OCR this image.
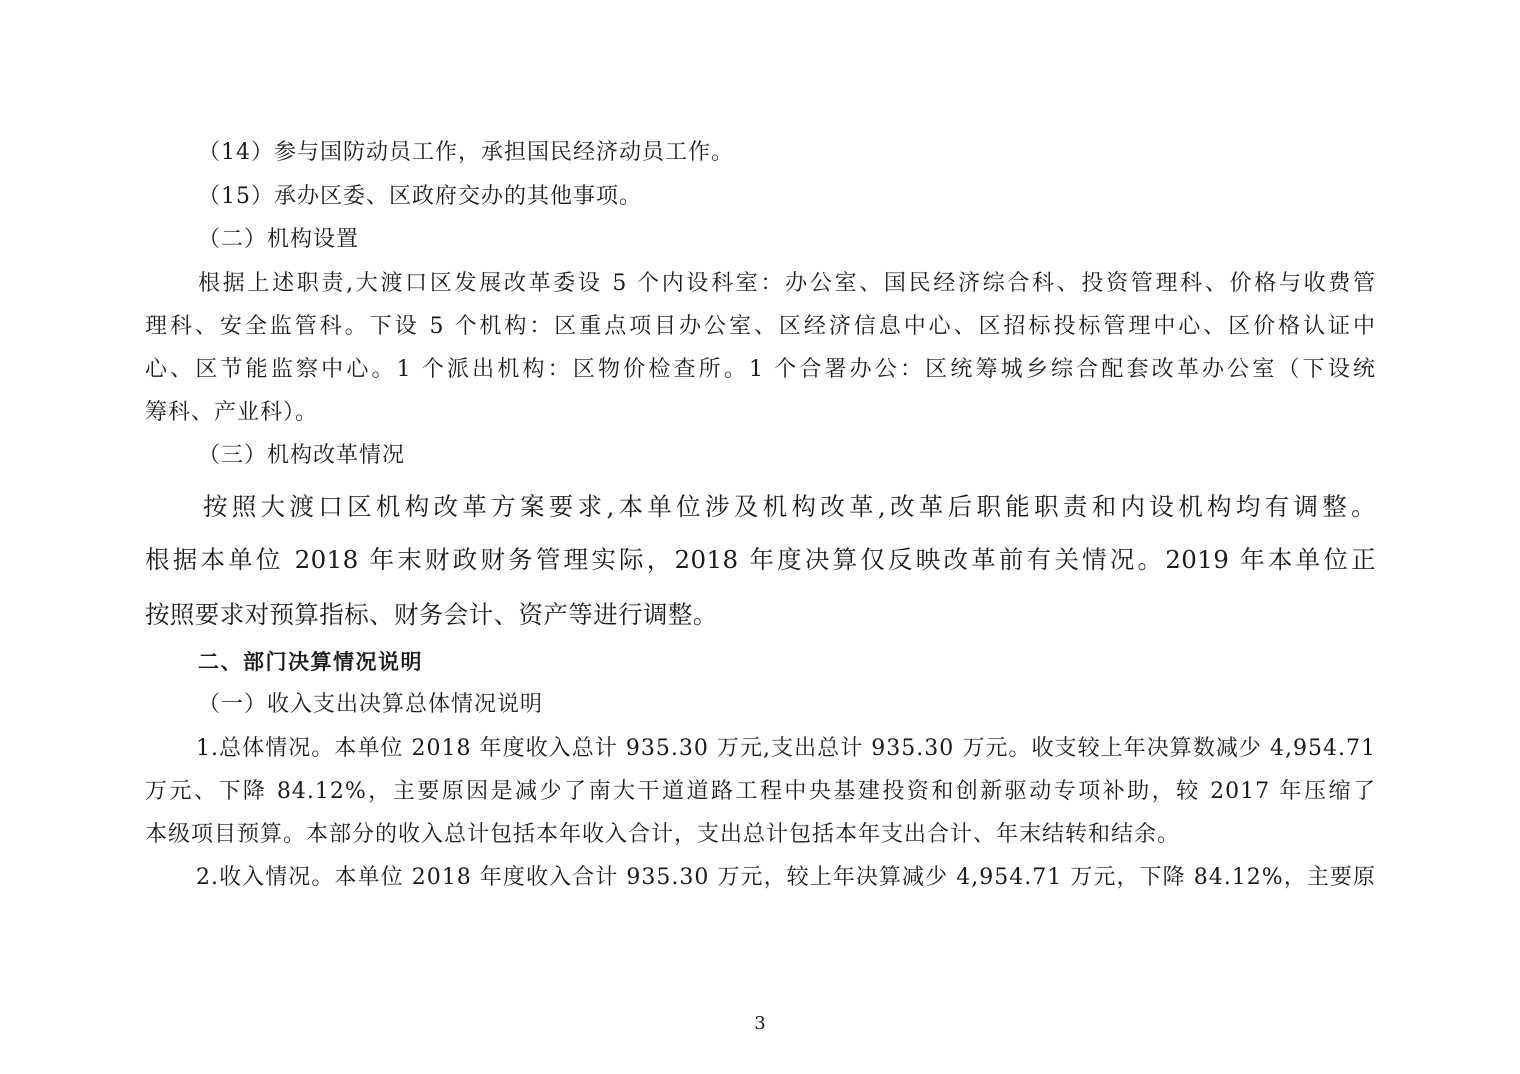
（14）参与国防动员工作，承担国民经济动员工作。
（15）承办区委、区政府交办的其他事项。
（二）机构设置
根据上述职责,大渡口区发展改革委设 5 个内设科室：办公室、国民经济综合科、投资管理科、价格与收费管
理科、安全监管科。下设 5 个机构：区重点项目办公室、区经济信息中心、区招标投标管理中心、区价格认证中
心、区节能监察中心。1 个派出机构：区物价检查所。1 个合署办公：区统筹城乡综合配套改革办公室（下设统
筹科、产业科）。
（三）机构改革情况
按照大渡口区机构改革方案要求,本单位涉及机构改革,改革后职能职责和内设机构均有调整。
根据本单位 2018 年末财政财务管理实际，2018 年度决算仅反映改革前有关情况。2019 年本单位正
按照要求对预算指标、财务会计、资产等进行调整。
二、部门决算情况说明
（一）收入支出决算总体情况说明
1.总体情况。本单位 2018 年度收入总计 935.30 万元,支出总计 935.30 万元。收支较上年决算数减少 4,954.71
万元、下降 84.12%，主要原因是减少了南大干道道路工程中央基建投资和创新驱动专项补助，较 2017 年压缩了
本级项目预算。本部分的收入总计包括本年收入合计，支出总计包括本年支出合计、年末结转和结余。
2.收入情况。本单位 2018 年度收入合计 935.30 万元，较上年决算减少 4,954.71 万元，下降 84.12%，主要原
3
